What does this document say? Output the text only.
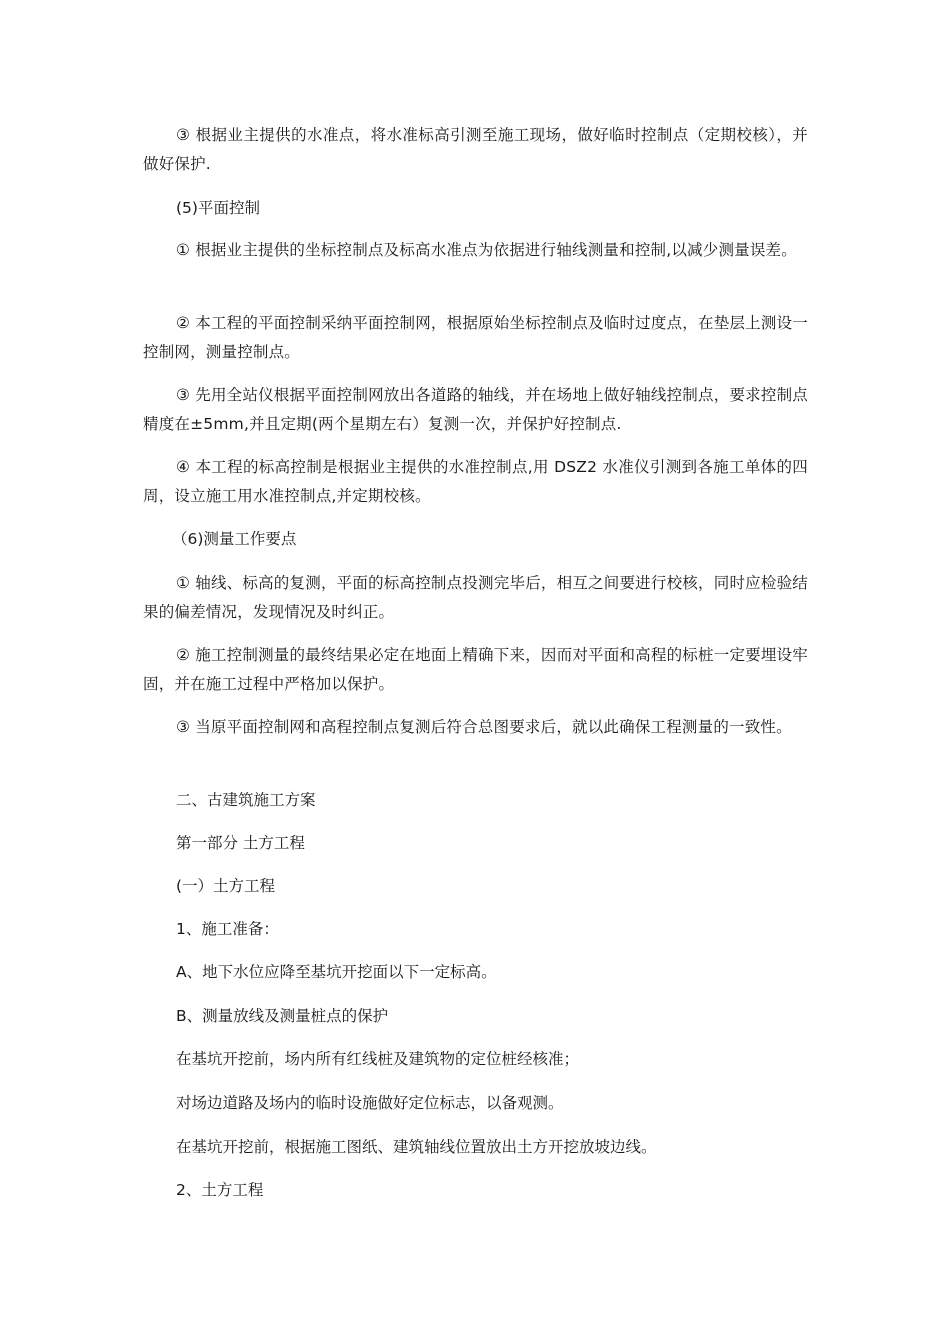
③ 根据业主提供的水准点，将水准标高引测至施工现场，做好临时控制点（定期校核），并做好保护.

(5)平面控制

① 根据业主提供的坐标控制点及标高水准点为依据进行轴线测量和控制,以减少测量误差。

② 本工程的平面控制采纳平面控制网，根据原始坐标控制点及临时过度点，在垫层上测设一控制网，测量控制点。

③ 先用全站仪根据平面控制网放出各道路的轴线，并在场地上做好轴线控制点，要求控制点精度在±5mm,并且定期(两个星期左右）复测一次，并保护好控制点.

④ 本工程的标高控制是根据业主提供的水准控制点,用 DSZ2 水准仪引测到各施工单体的四周，设立施工用水准控制点,并定期校核。

（6)测量工作要点

① 轴线、标高的复测，平面的标高控制点投测完毕后，相互之间要进行校核，同时应检验结果的偏差情况，发现情况及时纠正。

② 施工控制测量的最终结果必定在地面上精确下来，因而对平面和高程的标桩一定要埋设牢固，并在施工过程中严格加以保护。

③ 当原平面控制网和高程控制点复测后符合总图要求后，就以此确保工程测量的一致性。

二、古建筑施工方案

第一部分 土方工程

(一）土方工程

1、施工准备：

A、地下水位应降至基坑开挖面以下一定标高。

B、测量放线及测量桩点的保护

在基坑开挖前，场内所有红线桩及建筑物的定位桩经核准；

对场边道路及场内的临时设施做好定位标志，以备观测。

在基坑开挖前，根据施工图纸、建筑轴线位置放出土方开挖放坡边线。

2、土方工程
